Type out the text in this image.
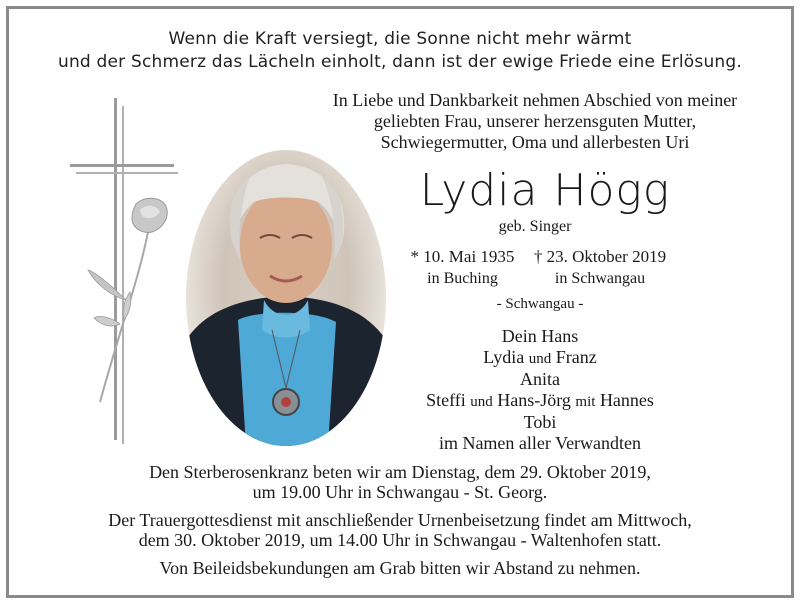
Wenn die Kraft versiegt, die Sonne nicht mehr wärmt
und der Schmerz das Lächeln einholt, dann ist der ewige Friede eine Erlösung.
In Liebe und Dankbarkeit nehmen Abschied von meiner
geliebten Frau, unserer herzensguten Mutter,
Schwiegermutter, Oma und allerbesten Uri
Lydia Högg
geb. Singer
* 10. Mai 1935
in Buching
† 23. Oktober 2019
in Schwangau
- Schwangau -
Dein Hans
Lydia und Franz
Anita
Steffi und Hans-Jörg mit Hannes
Tobi
im Namen aller Verwandten

Den Sterberosenkranz beten wir am Dienstag, dem 29. Oktober 2019,

um 19.00 Uhr in Schwangau - St. Georg.

Der Trauergottesdienst mit anschließender Urnenbeisetzung findet am Mittwoch,

dem 30. Oktober 2019, um 14.00 Uhr in Schwangau - Waltenhofen statt.

Von Beileidsbekundungen am Grab bitten wir Abstand zu nehmen.
